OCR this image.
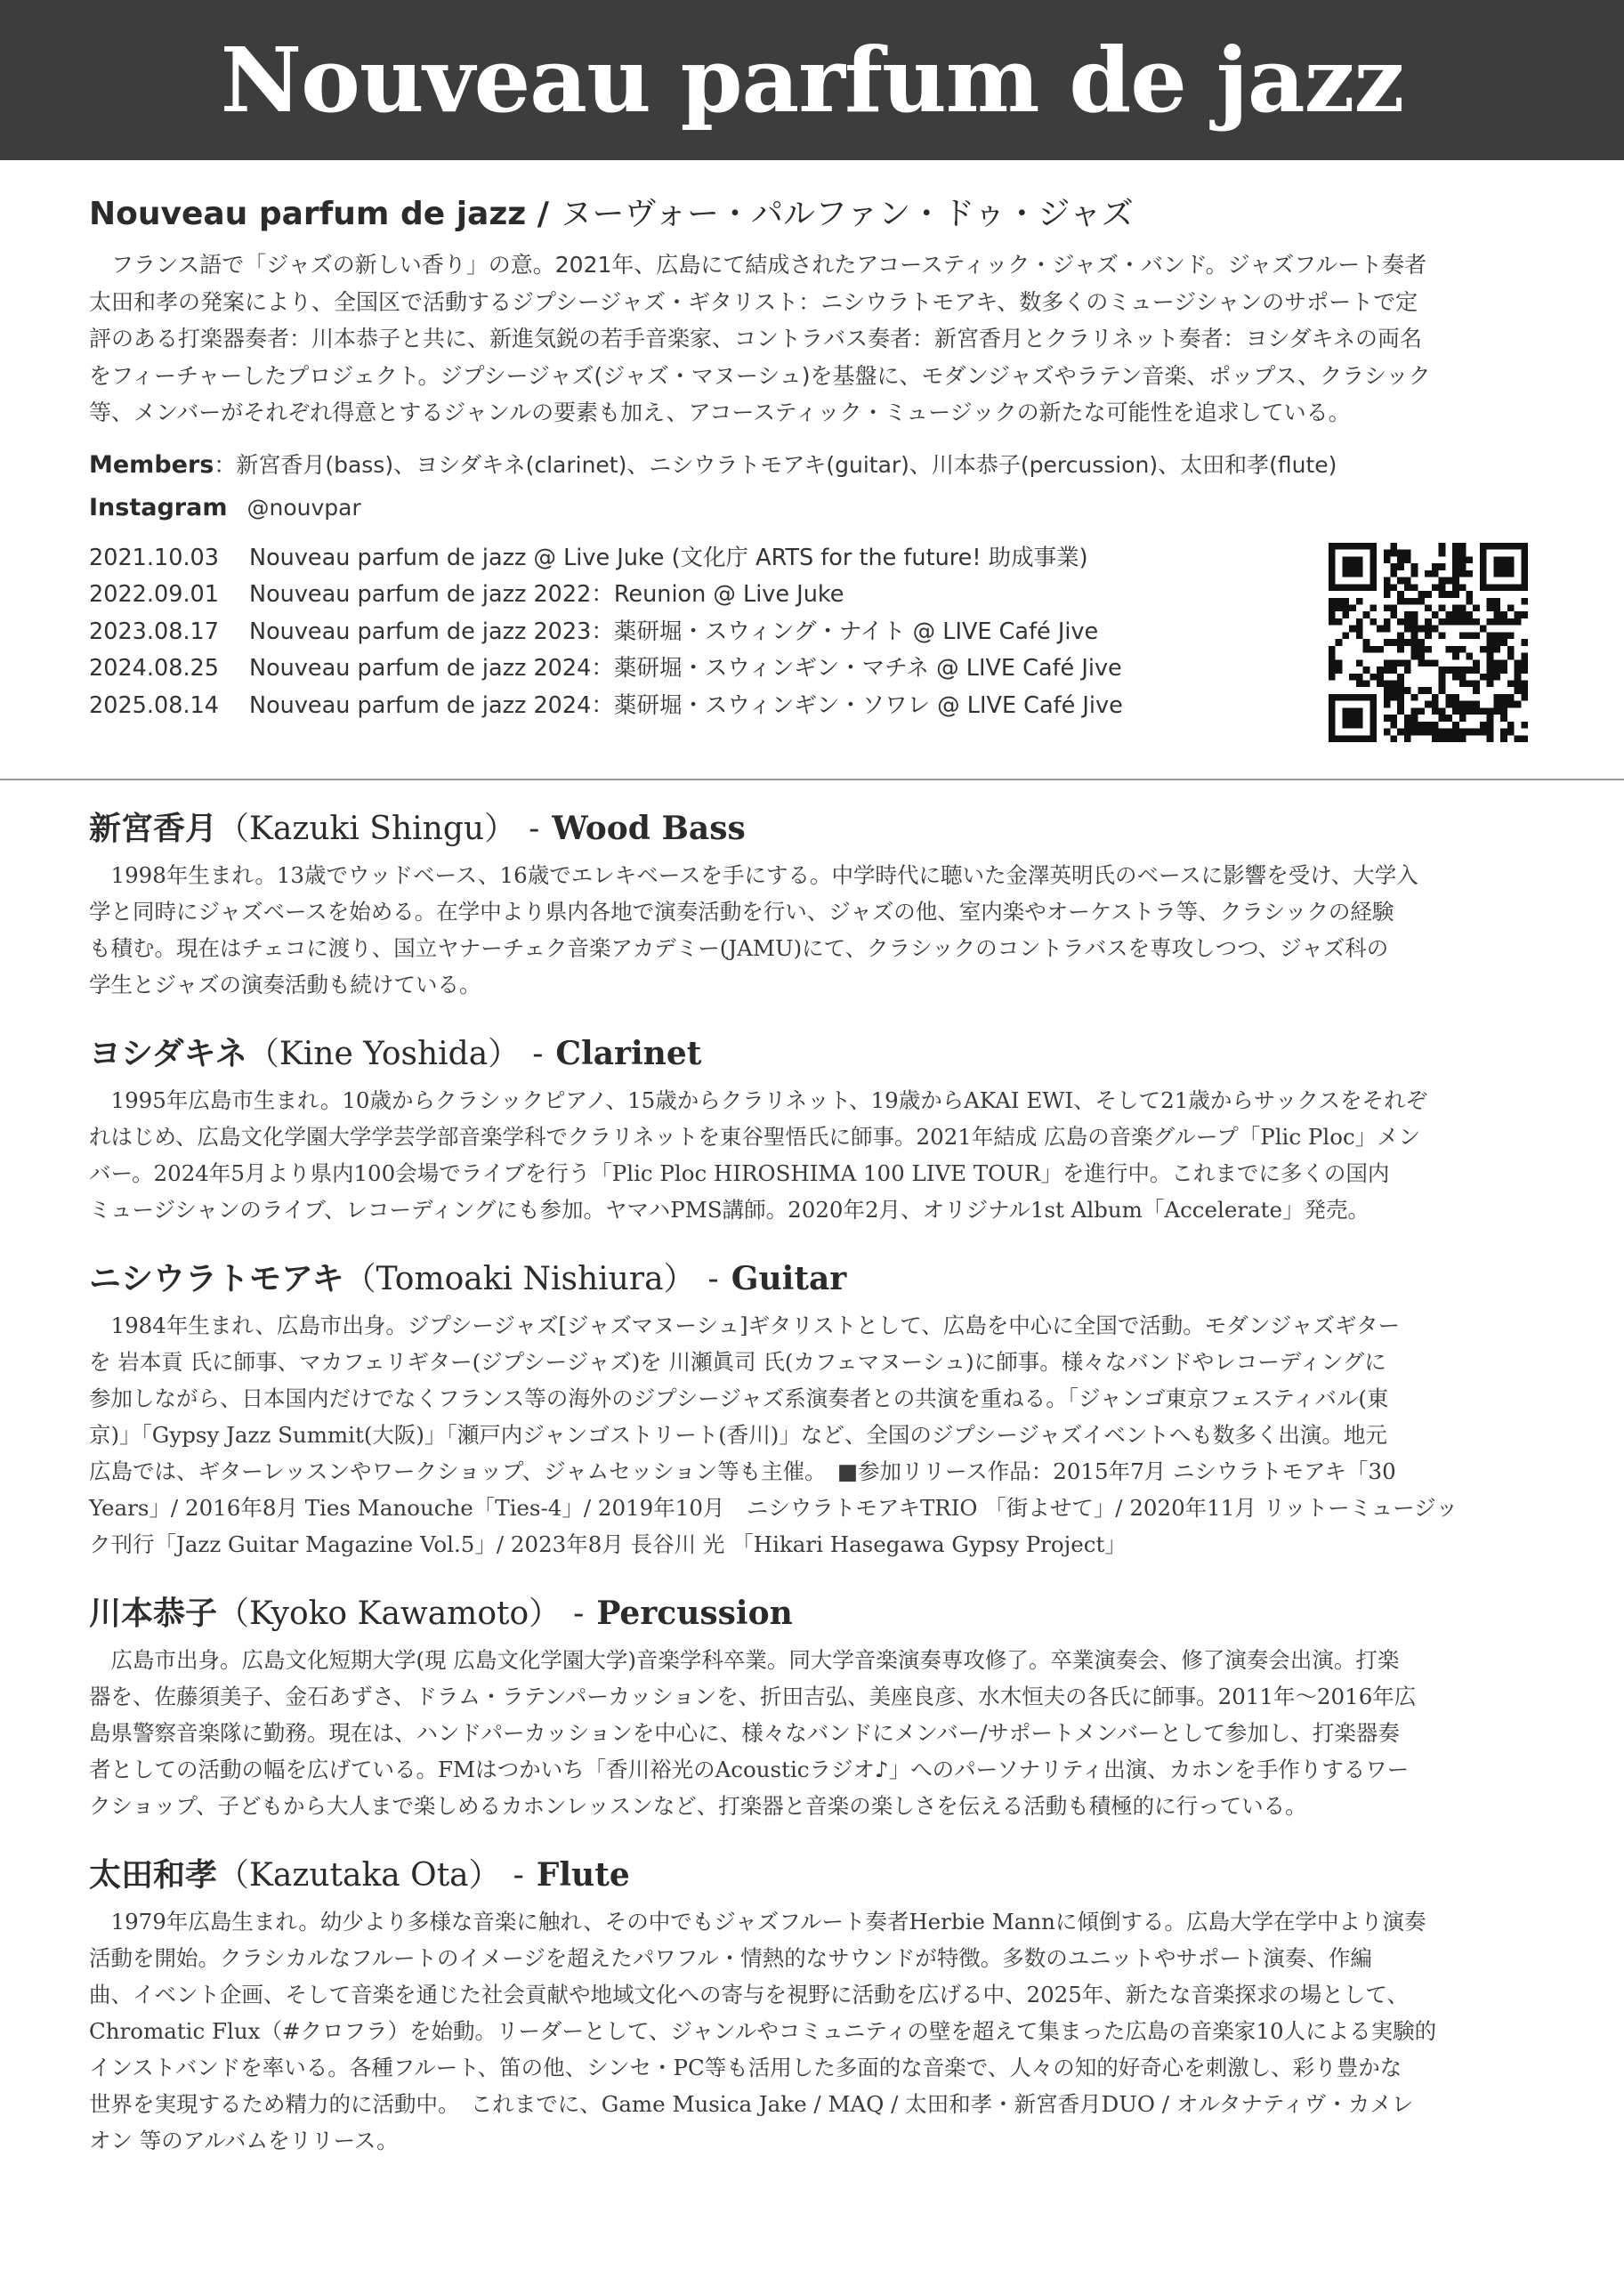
Nouveau parfum de jazz
Nouveau parfum de jazz / ヌーヴォー・パルファン・ドゥ・ジャズ
フランス語で「ジャズの新しい香り」の意。2021年、広島にて結成されたアコースティック・ジャズ・バンド。ジャズフルート奏者
太田和孝の発案により、全国区で活動するジプシージャズ・ギタリスト：ニシウラトモアキ、数多くのミュージシャンのサポートで定
評のある打楽器奏者：川本恭子と共に、新進気鋭の若手音楽家、コントラバス奏者：新宮香月とクラリネット奏者：ヨシダキネの両名
をフィーチャーしたプロジェクト。ジプシージャズ(ジャズ・マヌーシュ)を基盤に、モダンジャズやラテン音楽、ポップス、クラシック
等、メンバーがそれぞれ得意とするジャンルの要素も加え、アコースティック・ミュージックの新たな可能性を追求している。
Members：新宮香月(bass)、ヨシダキネ(clarinet)、ニシウラトモアキ(guitar)、川本恭子(percussion)、太田和孝(flute)
Instagram @nouvpar
2021.10.03	Nouveau parfum de jazz @ Live Juke (文化庁 ARTS for the future! 助成事業)
2022.09.01	Nouveau parfum de jazz 2022：Reunion @ Live Juke
2023.08.17	Nouveau parfum de jazz 2023：薬研堀・スウィング・ナイト @ LIVE Café Jive
2024.08.25	Nouveau parfum de jazz 2024：薬研堀・スウィンギン・マチネ @ LIVE Café Jive
2025.08.14	Nouveau parfum de jazz 2024：薬研堀・スウィンギン・ソワレ @ LIVE Café Jive
新宮香月（Kazuki Shingu） - Wood Bass
1998年生まれ。13歳でウッドベース、16歳でエレキベースを手にする。中学時代に聴いた金澤英明氏のベースに影響を受け、大学入
学と同時にジャズベースを始める。在学中より県内各地で演奏活動を行い、ジャズの他、室内楽やオーケストラ等、クラシックの経験
も積む。現在はチェコに渡り、国立ヤナーチェク音楽アカデミー(JAMU)にて、クラシックのコントラバスを専攻しつつ、ジャズ科の
学生とジャズの演奏活動も続けている。
ヨシダキネ（Kine Yoshida） - Clarinet
1995年広島市生まれ。10歳からクラシックピアノ、15歳からクラリネット、19歳からAKAI EWI、そして21歳からサックスをそれぞ
れはじめ、広島文化学園大学学芸学部音楽学科でクラリネットを東谷聖悟氏に師事。2021年結成 広島の音楽グループ「Plic Ploc」メン
バー。2024年5月より県内100会場でライブを行う「Plic Ploc HIROSHIMA 100 LIVE TOUR」を進行中。これまでに多くの国内
ミュージシャンのライブ、レコーディングにも参加。ヤマハPMS講師。2020年2月、オリジナル1st Album「Accelerate」発売。
ニシウラトモアキ（Tomoaki Nishiura） - Guitar
1984年生まれ、広島市出身。ジプシージャズ[ジャズマヌーシュ]ギタリストとして、広島を中心に全国で活動。モダンジャズギター
を 岩本貢 氏に師事、マカフェリギター(ジプシージャズ)を 川瀬眞司 氏(カフェマヌーシュ)に師事。様々なバンドやレコーディングに
参加しながら、日本国内だけでなくフランス等の海外のジプシージャズ系演奏者との共演を重ねる。「ジャンゴ東京フェスティバル(東
京)」「Gypsy Jazz Summit(大阪)」「瀬戸内ジャンゴストリート(香川)」など、全国のジプシージャズイベントへも数多く出演。地元
広島では、ギターレッスンやワークショップ、ジャムセッション等も主催。　■参加リリース作品：2015年7月 ニシウラトモアキ「30
Years」/ 2016年8月 Ties Manouche「Ties-4」/ 2019年10月　ニシウラトモアキTRIO 「街よせて」/ 2020年11月 リットーミュージッ
ク刊行「Jazz Guitar Magazine Vol.5」/ 2023年8月 長谷川 光 「Hikari Hasegawa Gypsy Project」
川本恭子（Kyoko Kawamoto） - Percussion
広島市出身。広島文化短期大学(現 広島文化学園大学)音楽学科卒業。同大学音楽演奏専攻修了。卒業演奏会、修了演奏会出演。打楽
器を、佐藤須美子、金石あずさ、ドラム・ラテンパーカッションを、折田吉弘、美座良彦、水木恒夫の各氏に師事。2011年〜2016年広
島県警察音楽隊に勤務。現在は、ハンドパーカッションを中心に、様々なバンドにメンバー/サポートメンバーとして参加し、打楽器奏
者としての活動の幅を広げている。FMはつかいち「香川裕光のAcousticラジオ♪」へのパーソナリティ出演、カホンを手作りするワー
クショップ、子どもから大人まで楽しめるカホンレッスンなど、打楽器と音楽の楽しさを伝える活動も積極的に行っている。
太田和孝（Kazutaka Ota） - Flute
1979年広島生まれ。幼少より多様な音楽に触れ、その中でもジャズフルート奏者Herbie Mannに傾倒する。広島大学在学中より演奏
活動を開始。クラシカルなフルートのイメージを超えたパワフル・情熱的なサウンドが特徴。多数のユニットやサポート演奏、作編
曲、イベント企画、そして音楽を通じた社会貢献や地域文化への寄与を視野に活動を広げる中、2025年、新たな音楽探求の場として、
Chromatic Flux（#クロフラ）を始動。リーダーとして、ジャンルやコミュニティの壁を超えて集まった広島の音楽家10人による実験的
インストバンドを率いる。各種フルート、笛の他、シンセ・PC等も活用した多面的な音楽で、人々の知的好奇心を刺激し、彩り豊かな
世界を実現するため精力的に活動中。　これまでに、Game Musica Jake / MAQ / 太田和孝・新宮香月DUO / オルタナティヴ・カメレ
オン 等のアルバムをリリース。
